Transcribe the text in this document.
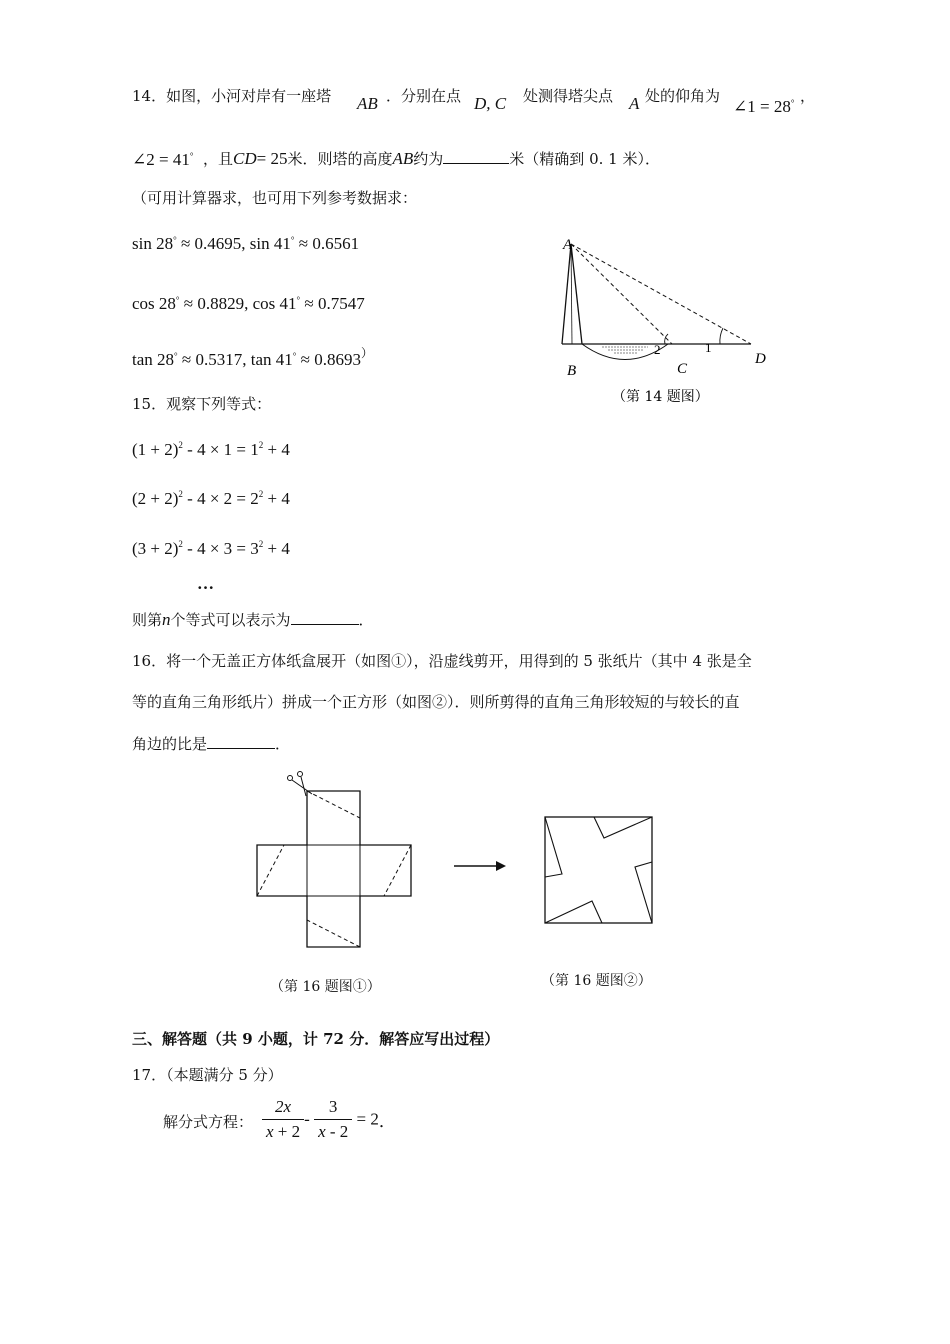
14．如图，小河对岸有一座塔 AB ．分别在点 D, C 处测得塔尖点 A 处的仰角为
∠1 = 28° ，
∠2 = 41° ，且CD= 25米．则塔的高度AB约为	米（精确到 0. 1 米）．
（可用计算器求，也可用下列参考数据求：
sin 28° ≈ 0.4695, sin 41° ≈ 0.6561
cos 28° ≈ 0.8829, cos 41° ≈ 0.7547
tan 28° ≈ 0.5317, tan 41° ≈ 0.8693）
A
B	C
D
2	1
（第 14 题图）
15．观察下列等式：
$(1 + 2)^2 - 4 \times 1 = 1^2 + 4$
$(2 + 2)^2 - 4 \times 2 = 2^2 + 4$
$(3 + 2)^2 - 4 \times 3 = 3^2 + 4$
…
则第n个等式可以表示为	．
16．将一个无盖正方体纸盒展开（如图①），沿虚线剪开，用得到的 5 张纸片（其中 4 张是全
等的直角三角形纸片）拼成一个正方形（如图②）．则所剪得的直角三角形较短的与较长的直
角边的比是	．
（第 16 题图①）	（第 16 题图②）
三、解答题（共 9 小题，计 72 分．解答应写出过程）
17．（本题满分 5 分）
解分式方程： $\frac{2x}{x + 2} - \frac{3}{x - 2} = 2$．
